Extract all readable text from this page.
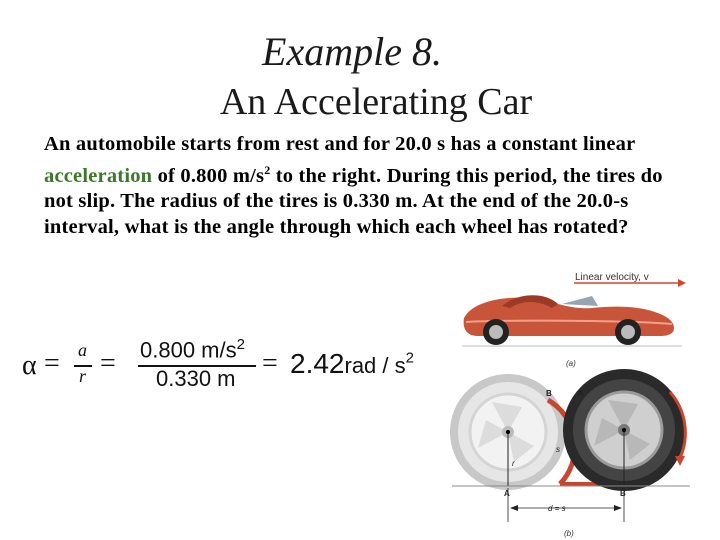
Example 8.
An Accelerating Car
An automobile starts from rest and for 20.0 s has a constant linear acceleration of 0.800 $m/s^2$ to the right. During this period, the tires do not slip. The radius of the tires is 0.330 m. At the end of the 20.0-s interval, what is the angle through which each wheel has rotated?
α = a
r = 0.800 $m/s^2$
0.330 $m = 2.42rad / s^2$
Linear velocity, v
(a)
r
s
d = s
B	A
A	B
(b)
